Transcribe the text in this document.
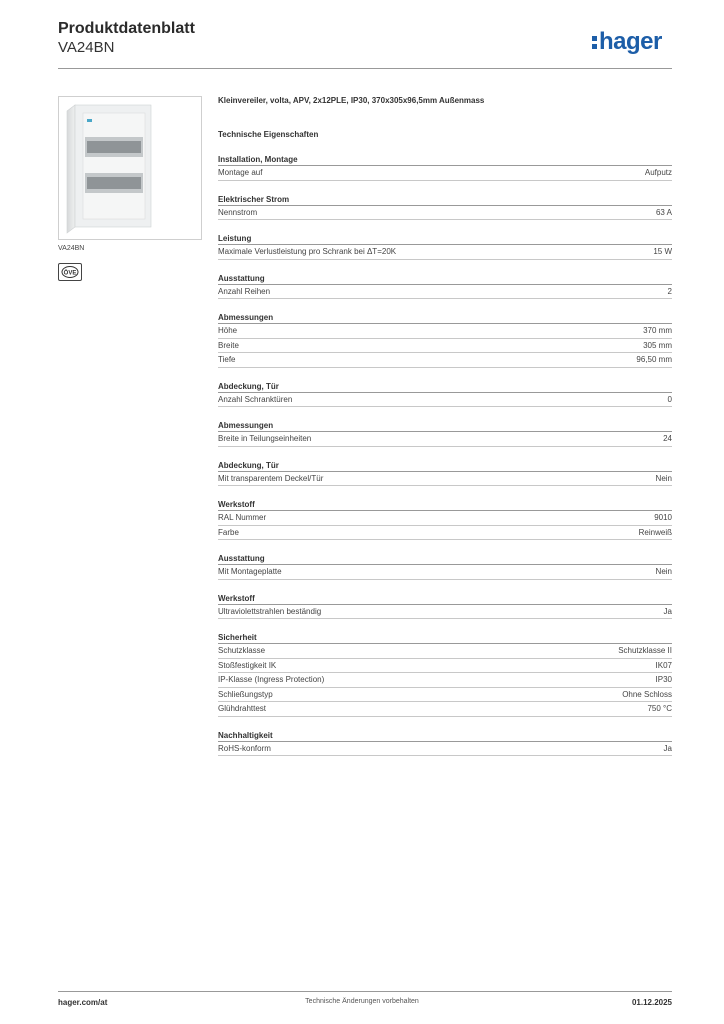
Produktdatenblatt
VA24BN	hager
VA24BN
ÖVE
Kleinvereiler, volta, APV, 2x12PLE, IP30, 370x305x96,5mm Außenmass
Technische Eigenschaften
Installation, Montage
Montage auf	Aufputz
Elektrischer Strom
Nennstrom	63 A
Leistung
Maximale Verlustleistung pro Schrank bei ΔT=20K	15 W
Ausstattung
Anzahl Reihen	2
Abmessungen
Höhe	370 mm
Breite	305 mm
Tiefe	96,50 mm
Abdeckung, Tür
Anzahl Schranktüren	0
Abmessungen
Breite in Teilungseinheiten	24
Abdeckung, Tür
Mit transparentem Deckel/Tür	Nein
Werkstoff
RAL Nummer	9010
Farbe	Reinweiß
Ausstattung
Mit Montageplatte	Nein
Werkstoff
Ultraviolettstrahlen beständig	Ja
Sicherheit
Schutzklasse	Schutzklasse II
Stoßfestigkeit IK	IK07
IP-Klasse (Ingress Protection)	IP30
Schließungstyp	Ohne Schloss
Glühdrahttest	750 °C
Nachhaltigkeit
RoHS-konform	Ja
hager.com/at	Technische Änderungen vorbehalten	01.12.2025
